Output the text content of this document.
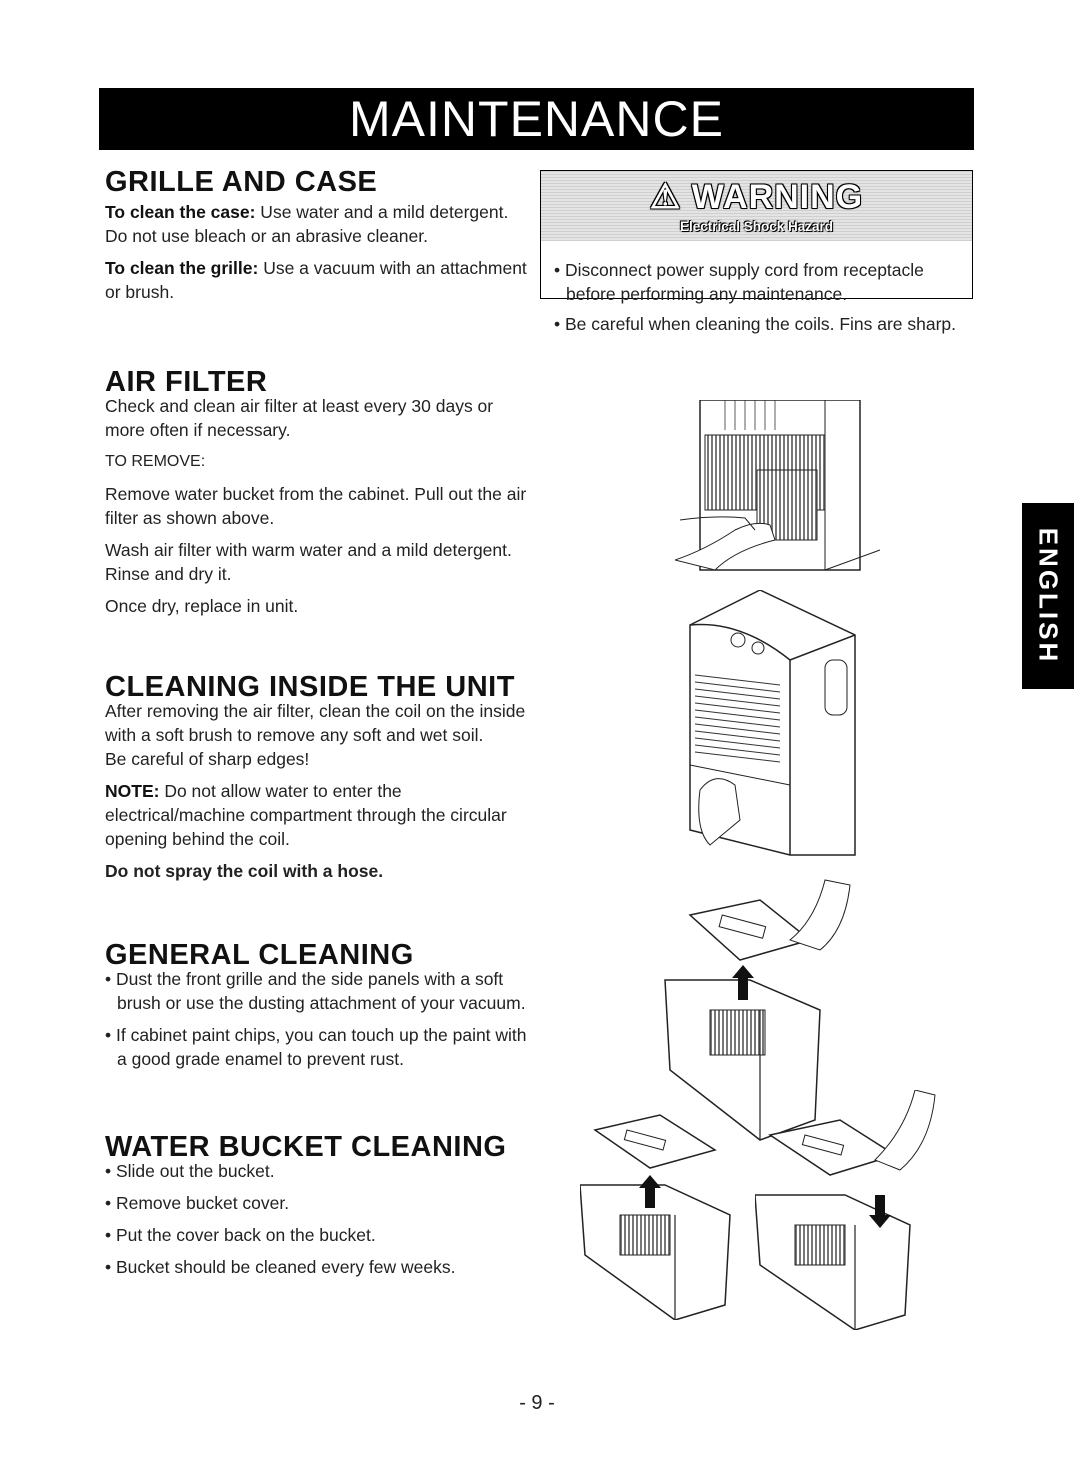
MAINTENANCE
GRILLE AND CASE

To clean the case: Use water and a mild detergent. Do not use bleach or an abrasive cleaner.

To clean the grille: Use a vacuum with an attachment or brush.

AIR FILTER

Check and clean air filter at least every 30 days or more often if necessary.

TO REMOVE:

Remove water bucket from the cabinet. Pull out the air filter as shown above.

Wash air filter with warm water and a mild detergent. Rinse and dry it.

Once dry, replace in unit.

CLEANING INSIDE THE UNIT

After removing the air filter, clean the coil on the inside with a soft brush to remove any soft and wet soil.

Be careful of sharp edges!

NOTE: Do not allow water to enter the electrical/machine compartment through the circular opening behind the coil.

Do not spray the coil with a hose.

GENERAL CLEANING

• Dust the front grille and the side panels with a soft brush or use the dusting attachment of your vacuum.

• If cabinet paint chips, you can touch up the paint with a good grade enamel to prevent rust.

WATER BUCKET CLEANING

• Slide out the bucket.

• Remove bucket cover.

• Put the cover back on the bucket.

• Bucket should be cleaned every few weeks.

⚠ WARNING
Electrical Shock Hazard

• Disconnect power supply cord from receptacle before performing any maintenance.

• Be careful when cleaning the coils. Fins are sharp.

ENGLISH
- 9 -
